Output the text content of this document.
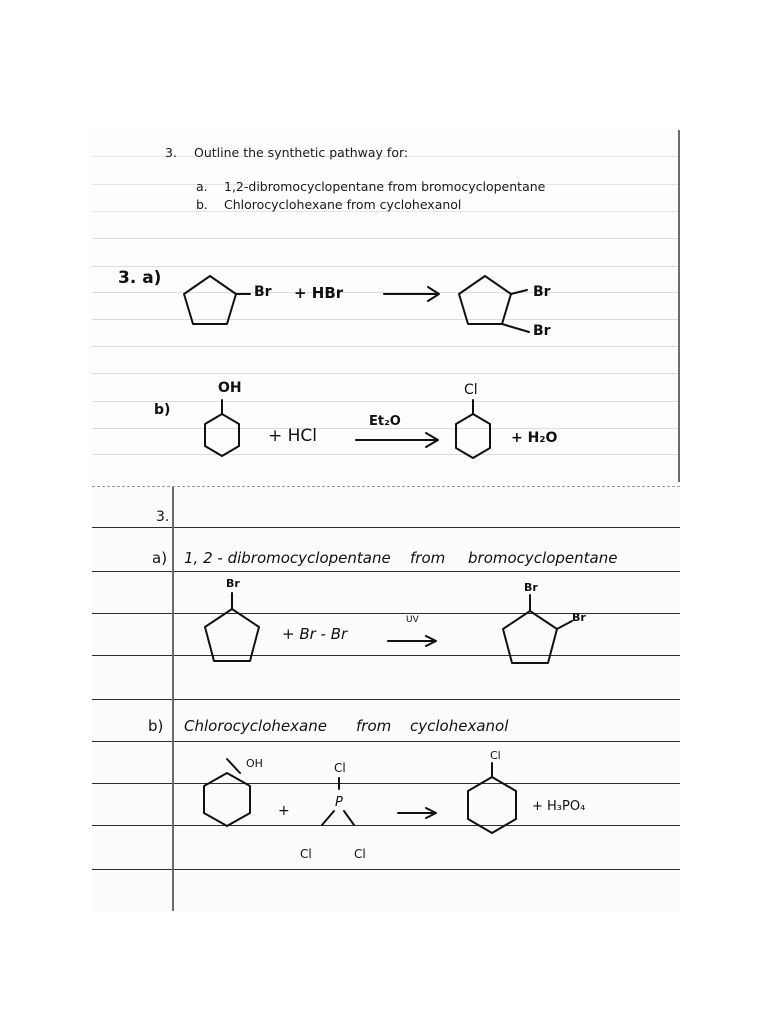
3. Outline the synthetic pathway for:
a. 1,2-dibromocyclopentane from bromocyclopentane
b. Chlorocyclohexane from cyclohexanol
3. a)
Br + HBr	Br
Br
OH
b)
+ HCl
Et₂O
Cl
+ H₂O
3.
a) 1, 2 - dibromocyclopentane from bromocyclopentane
Br
+ Br - Br
UV
Br
Br
b) Chlorocyclohexane from cyclohexanol
OH
+
Cl
P
Cl	Cl
Cl
+ H₃PO₄
